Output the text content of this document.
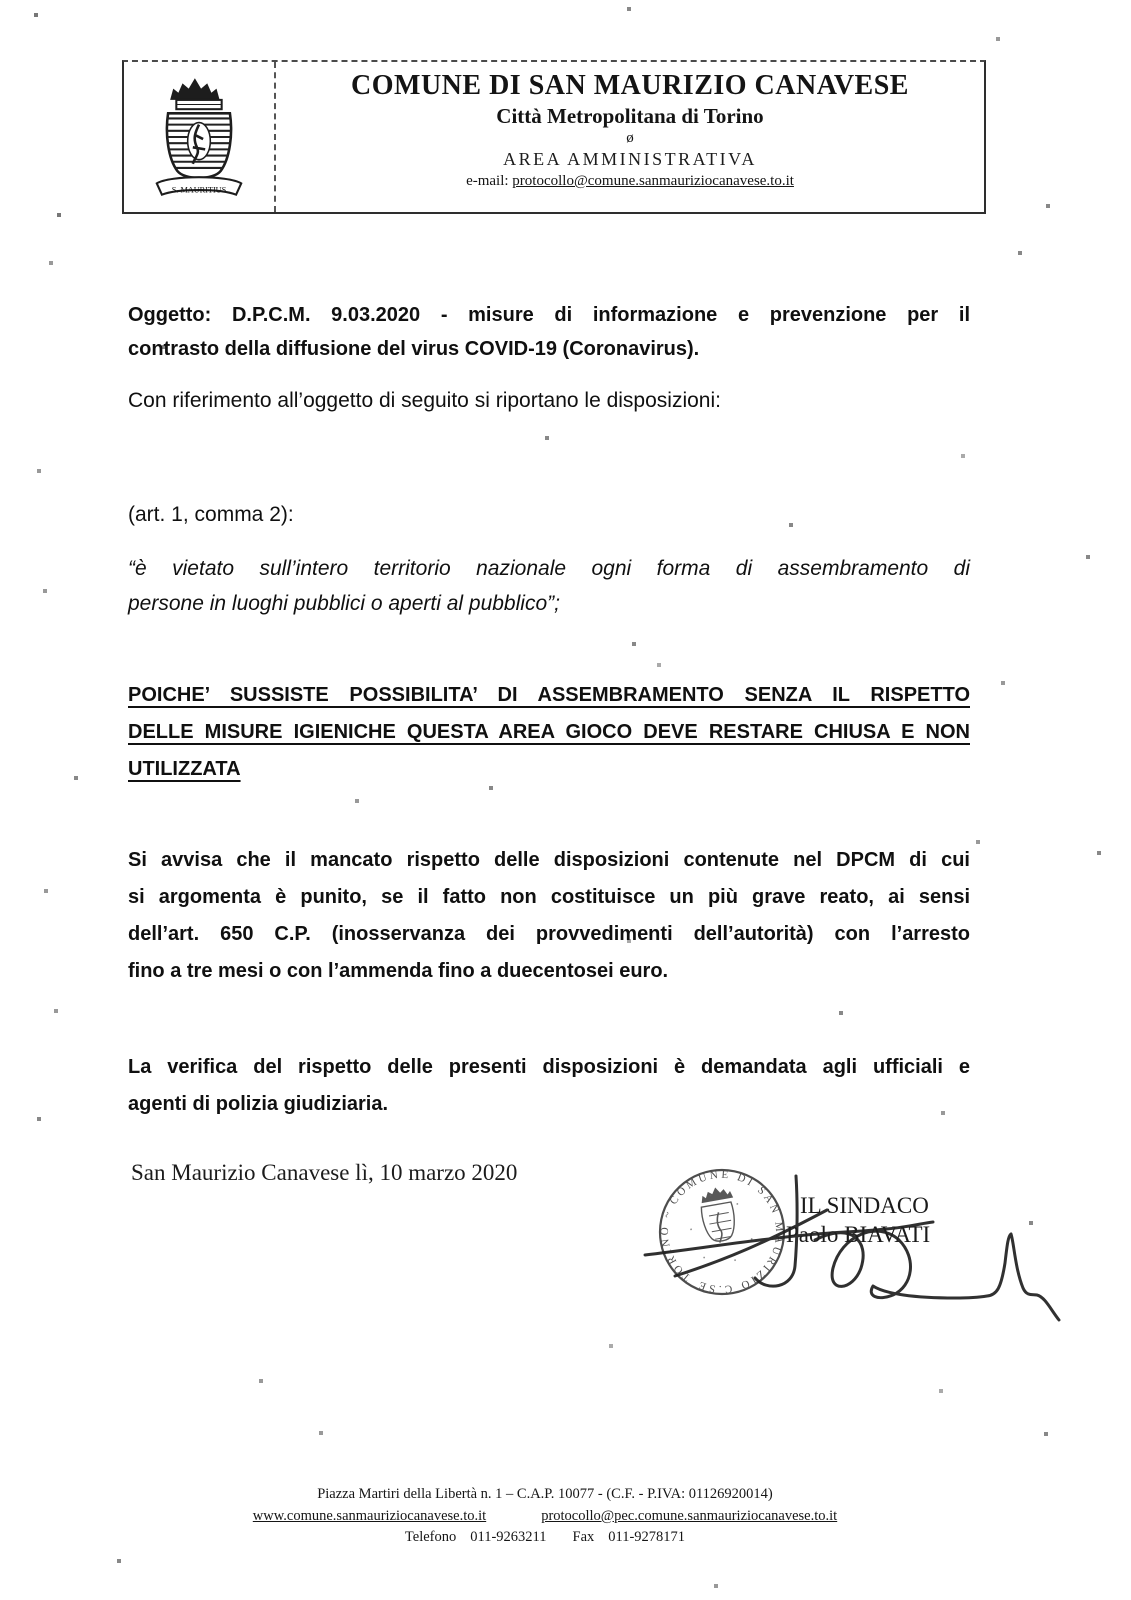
S. MAURITIUS
COMUNE DI SAN MAURIZIO CANAVESE
Città Metropolitana di Torino
ø
AREA AMMINISTRATIVA
e-mail: protocollo@comune.sanmauriziocanavese.to.it
Oggetto: D.P.C.M. 9.03.2020 - misure di informazione e prevenzione per il
contrasto della diffusione del virus COVID-19 (Coronavirus).
Con riferimento all’oggetto di seguito si riportano le disposizioni:
(art. 1, comma 2):
“è vietato sull’intero territorio nazionale ogni forma di assembramento di
persone in luoghi pubblici o aperti al pubblico”;
POICHE’ SUSSISTE POSSIBILITA’ DI ASSEMBRAMENTO SENZA IL RISPETTO
DELLE MISURE IGIENICHE QUESTA AREA GIOCO DEVE RESTARE CHIUSA E NON
UTILIZZATA
Si avvisa che il mancato rispetto delle disposizioni contenute nel DPCM di cui
si argomenta è punito, se il fatto non costituisce un più grave reato, ai sensi
dell’art. 650 C.P. (inosservanza dei provvedimenti dell’autorità) con l’arresto
fino a tre mesi o con l’ammenda fino a duecentosei euro.
La verifica del rispetto delle presenti disposizioni è demandata agli ufficiali e
agenti di polizia giudiziaria.
San Maurizio Canavese lì, 10 marzo 2020
IL SINDACO
Paolo BIAVATI
TORINO ~ COMUNE DI SAN MAURIZIO C.SE
Piazza Martiri della Libertà n. 1 – C.A.P. 10077 - (C.F. - P.IVA: 01126920014)
www.comune.sanmauriziocanavese.to.it	protocollo@pec.comune.sanmauriziocanavese.to.it
Telefono 011-9263211 Fax 011-9278171
